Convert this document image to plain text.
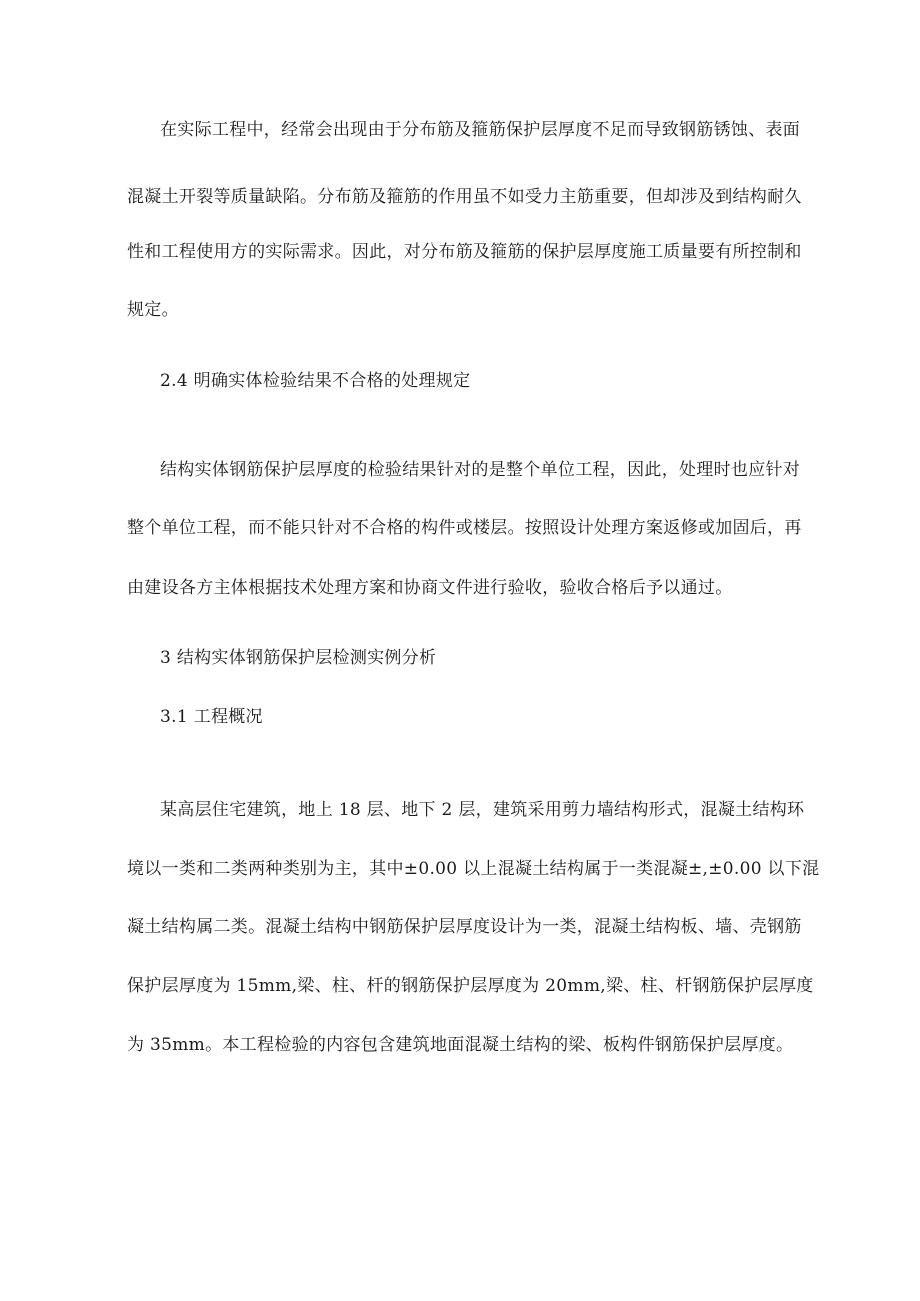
在实际工程中，经常会出现由于分布筋及箍筋保护层厚度不足而导致钢筋锈蚀、表面
混凝土开裂等质量缺陷。分布筋及箍筋的作用虽不如受力主筋重要，但却涉及到结构耐久
性和工程使用方的实际需求。因此，对分布筋及箍筋的保护层厚度施工质量要有所控制和
规定。
2.4 明确实体检验结果不合格的处理规定
结构实体钢筋保护层厚度的检验结果针对的是整个单位工程，因此，处理时也应针对
整个单位工程，而不能只针对不合格的构件或楼层。按照设计处理方案返修或加固后，再
由建设各方主体根据技术处理方案和协商文件进行验收，验收合格后予以通过。
3 结构实体钢筋保护层检测实例分析
3.1 工程概况
某高层住宅建筑，地上 18 层、地下 2 层，建筑采用剪力墙结构形式，混凝土结构环
境以一类和二类两种类别为主，其中±0.00 以上混凝土结构属于一类混凝±,±0.00 以下混
凝土结构属二类。混凝土结构中钢筋保护层厚度设计为一类，混凝土结构板、墙、壳钢筋
保护层厚度为 15mm,梁、柱、杆的钢筋保护层厚度为 20mm,梁、柱、杆钢筋保护层厚度
为 35mm。本工程检验的内容包含建筑地面混凝土结构的梁、板构件钢筋保护层厚度。
